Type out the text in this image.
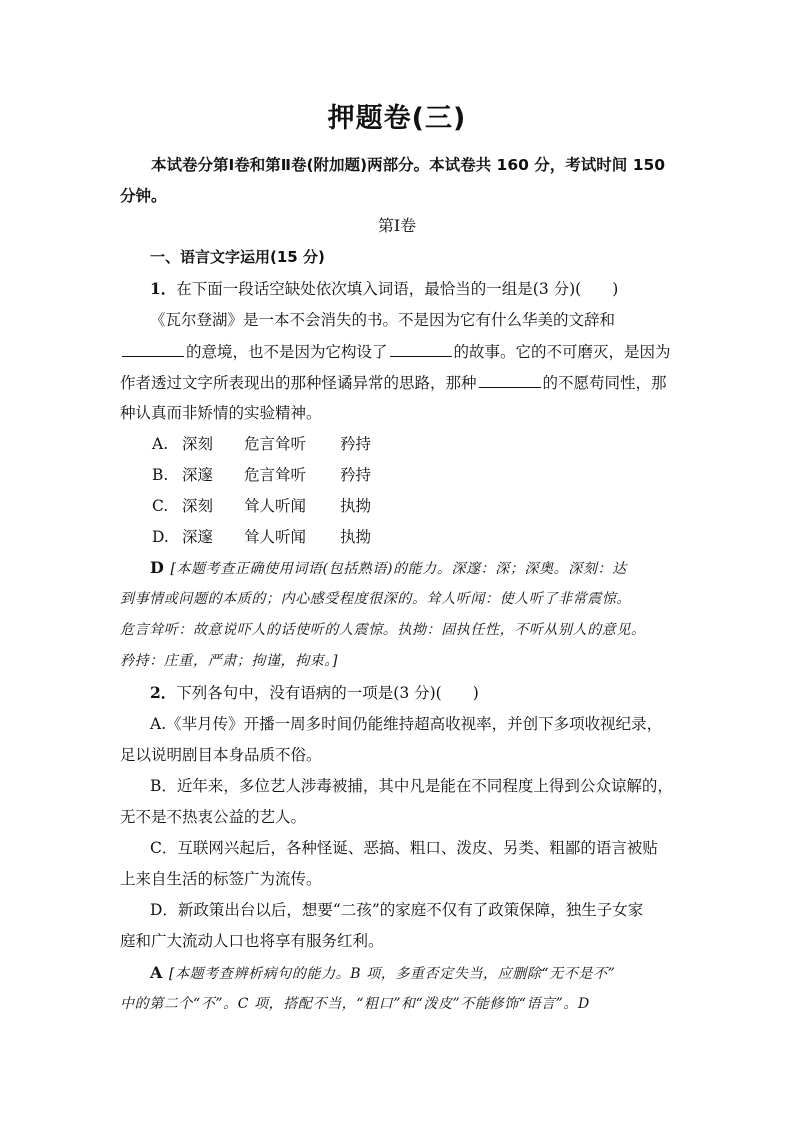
押题卷(三)
本试卷分第Ⅰ卷和第Ⅱ卷(附加题)两部分。本试卷共 160 分，考试时间 150
分钟。
第Ⅰ卷
一、语言文字运用(15 分)
1．在下面一段话空缺处依次填入词语，最恰当的一组是(3 分)(　　)
《瓦尔登湖》是一本不会消失的书。不是因为它有什么华美的文辞和
的意境，也不是因为它构设了	的故事。它的不可磨灭，是因为
作者透过文字所表现出的那种怪谲异常的思路，那种	的不愿苟同性，那
种认真而非矫情的实验精神。
A. 深刻 危言耸听 矜持
B. 深邃 危言耸听 矜持
C. 深刻 耸人听闻 执拗
D. 深邃 耸人听闻 执拗
D [本题考查正确使用词语(包括熟语)的能力。深邃：深；深奥。深刻：达
到事情或问题的本质的；内心感受程度很深的。耸人听闻：使人听了非常震惊。
危言耸听：故意说吓人的话使听的人震惊。执拗：固执任性，不听从别人的意见。
矜持：庄重，严肃；拘谨，拘束。]
2．下列各句中，没有语病的一项是(3 分)(　　)
A.《芈月传》开播一周多时间仍能维持超高收视率，并创下多项收视纪录，
足以说明剧目本身品质不俗。
B．近年来，多位艺人涉毒被捕，其中凡是能在不同程度上得到公众谅解的，
无不是不热衷公益的艺人。
C．互联网兴起后，各种怪诞、恶搞、粗口、泼皮、另类、粗鄙的语言被贴
上来自生活的标签广为流传。
D．新政策出台以后，想要“二孩”的家庭不仅有了政策保障，独生子女家
庭和广大流动人口也将享有服务红利。
A [本题考查辨析病句的能力。B 项，多重否定失当，应删除“无不是不”
中的第二个“不”。C 项，搭配不当，“粗口”和“泼皮”不能修饰“语言”。D
